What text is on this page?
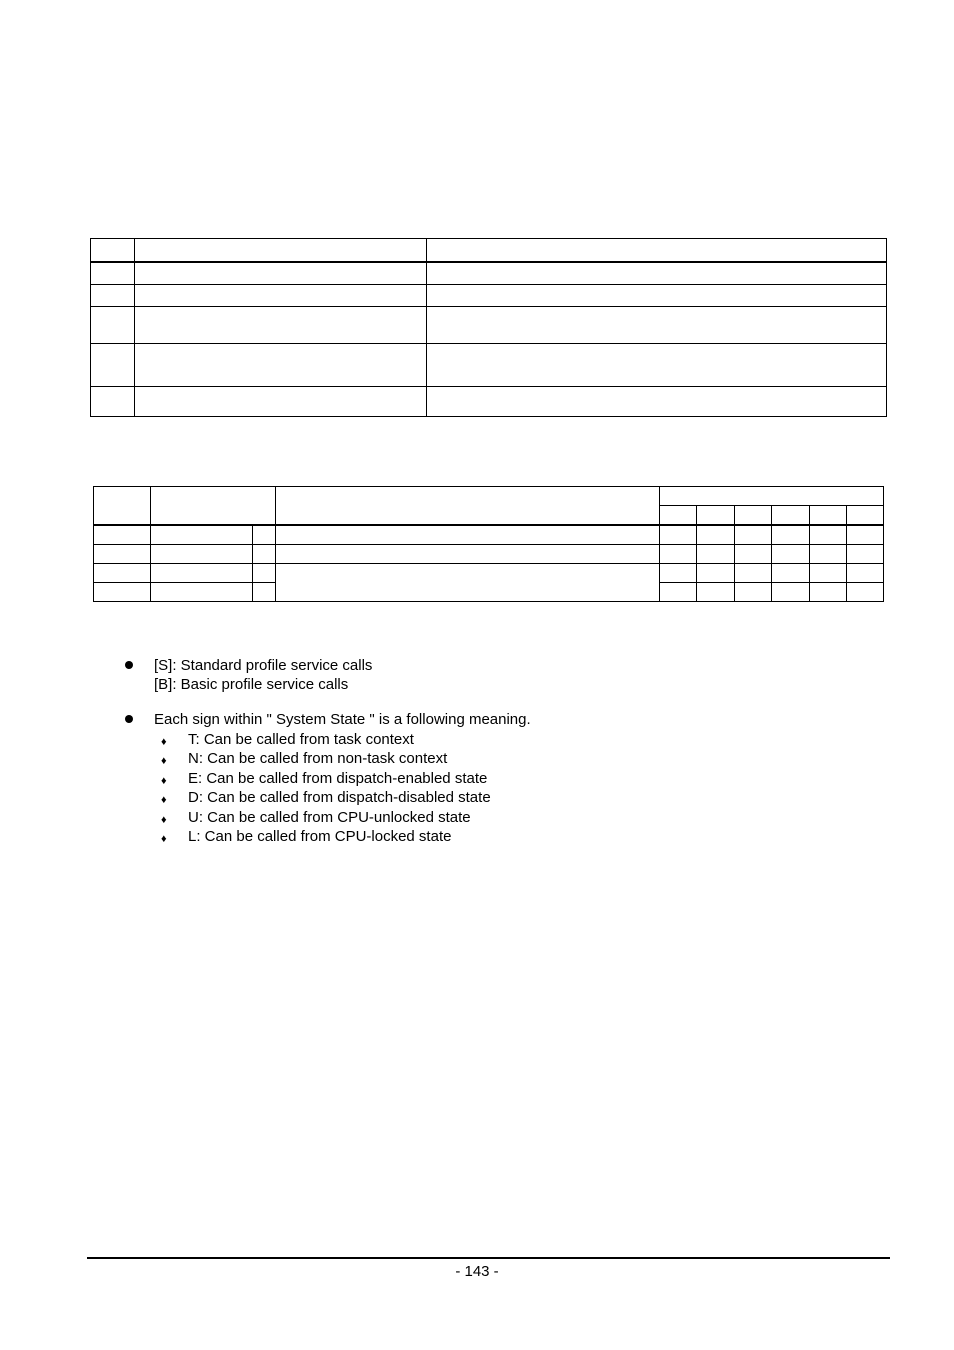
[S]: Standard profile service calls
[B]: Basic profile service calls
Each sign within " System State " is a following meaning.
♦ T: Can be called from task context
♦ N: Can be called from non-task context
♦ E: Can be called from dispatch-enabled state
♦ D: Can be called from dispatch-disabled state
♦ U: Can be called from CPU-unlocked state
♦ L: Can be called from CPU-locked state
- 143 -
